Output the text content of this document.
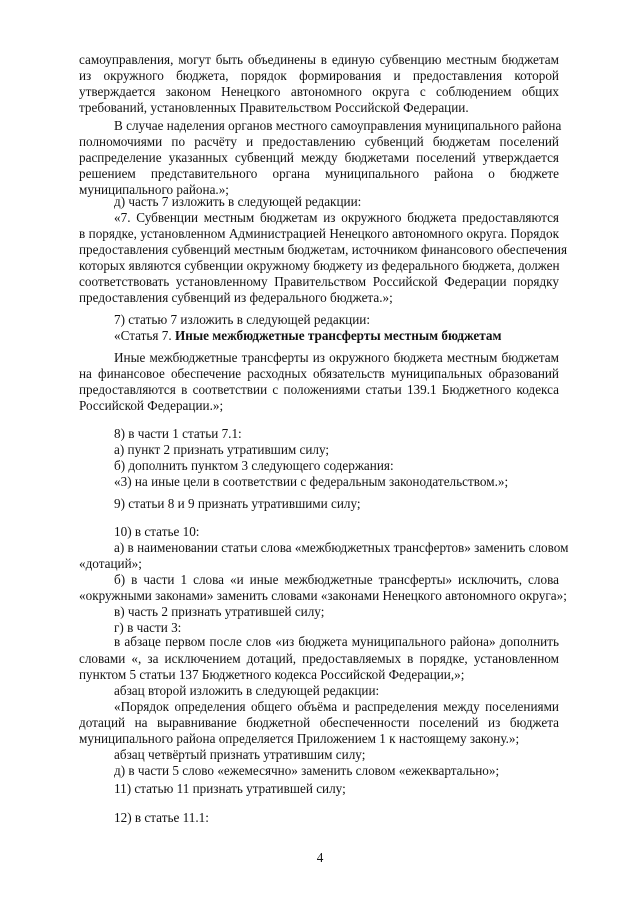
самоуправления, могут быть объединены в единую субвенцию местным бюджетам
из окружного бюджета, порядок формирования и предоставления которой
утверждается законом Ненецкого автономного округа с соблюдением общих
требований, установленных Правительством Российской Федерации.
В случае наделения органов местного самоуправления муниципального района
полномочиями по расчёту и предоставлению субвенций бюджетам поселений
распределение указанных субвенций между бюджетами поселений утверждается
решением представительного органа муниципального района о бюджете
муниципального района.»;
д) часть 7 изложить в следующей редакции:
«7. Субвенции местным бюджетам из окружного бюджета предоставляются
в порядке, установленном Администрацией Ненецкого автономного округа. Порядок
предоставления субвенций местным бюджетам, источником финансового обеспечения
которых являются субвенции окружному бюджету из федерального бюджета, должен
соответствовать установленному Правительством Российской Федерации порядку
предоставления субвенций из федерального бюджета.»;
7) статью 7 изложить в следующей редакции:
«Статья 7. Иные межбюджетные трансферты местным бюджетам
Иные межбюджетные трансферты из окружного бюджета местным бюджетам
на финансовое обеспечение расходных обязательств муниципальных образований
предоставляются в соответствии с положениями статьи 139.1 Бюджетного кодекса
Российской Федерации.»;
8) в части 1 статьи 7.1:
а) пункт 2 признать утратившим силу;
б) дополнить пунктом 3 следующего содержания:
«3) на иные цели в соответствии с федеральным законодательством.»;
9) статьи 8 и 9 признать утратившими силу;
10) в статье 10:
а) в наименовании статьи слова «межбюджетных трансфертов» заменить словом
«дотаций»;
б) в части 1 слова «и иные межбюджетные трансферты» исключить, слова
«окружными законами» заменить словами «законами Ненецкого автономного округа»;
в) часть 2 признать утратившей силу;
г) в части 3:
в абзаце первом после слов «из бюджета муниципального района» дополнить
словами «, за исключением дотаций, предоставляемых в порядке, установленном
пунктом 5 статьи 137 Бюджетного кодекса Российской Федерации,»;
абзац второй изложить в следующей редакции:
«Порядок определения общего объёма и распределения между поселениями
дотаций на выравнивание бюджетной обеспеченности поселений из бюджета
муниципального района определяется Приложением 1 к настоящему закону.»;
абзац четвёртый признать утратившим силу;
д) в части 5 слово «ежемесячно» заменить словом «ежеквартально»;
11) статью 11 признать утратившей силу;
12) в статье 11.1:
4
